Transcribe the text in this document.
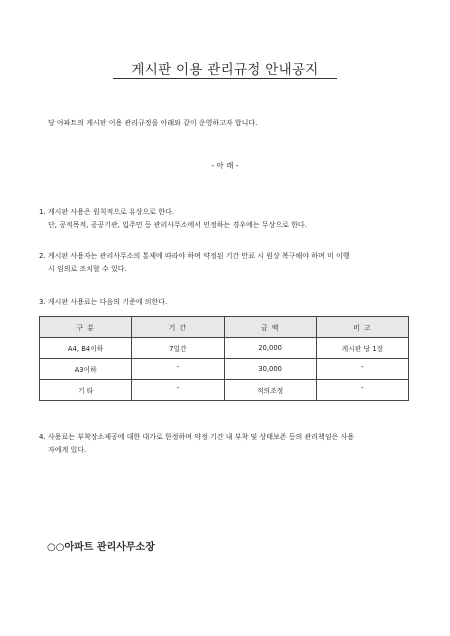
게시판 이용 관리규정 안내공지
당 아파트의 게시판 이용 관리규정을 아래와 같이 운영하고자 합니다.
- 아 래 -
1. 게시판 사용은 원칙적으로 유상으로 한다.
단, 공적목적, 공공기관, 입주민 등 관리사무소에서 인정하는 경우에는 무상으로 한다.
2. 게시판 사용자는 관리사무소의 통제에 따라야 하며 약정된 기간 만료 시 원상 복구해야 하며 미 이행
시 임의로 조치할 수 있다.
3. 게시판 사용료는 다음의 기준에 의한다.
구 분	기 간	금 액	비 고
A4, B4이하	7일간	20,000	게시판 당 1장
A3이하	″	30,000	″
기 타	″	적의조정	″
4. 사용료는 부착장소제공에 대한 대가로 한정하며 약정 기간 내 부착 및 상태보존 등의 관리책임은 사용
자에게 있다.
○○아파트 관리사무소장
